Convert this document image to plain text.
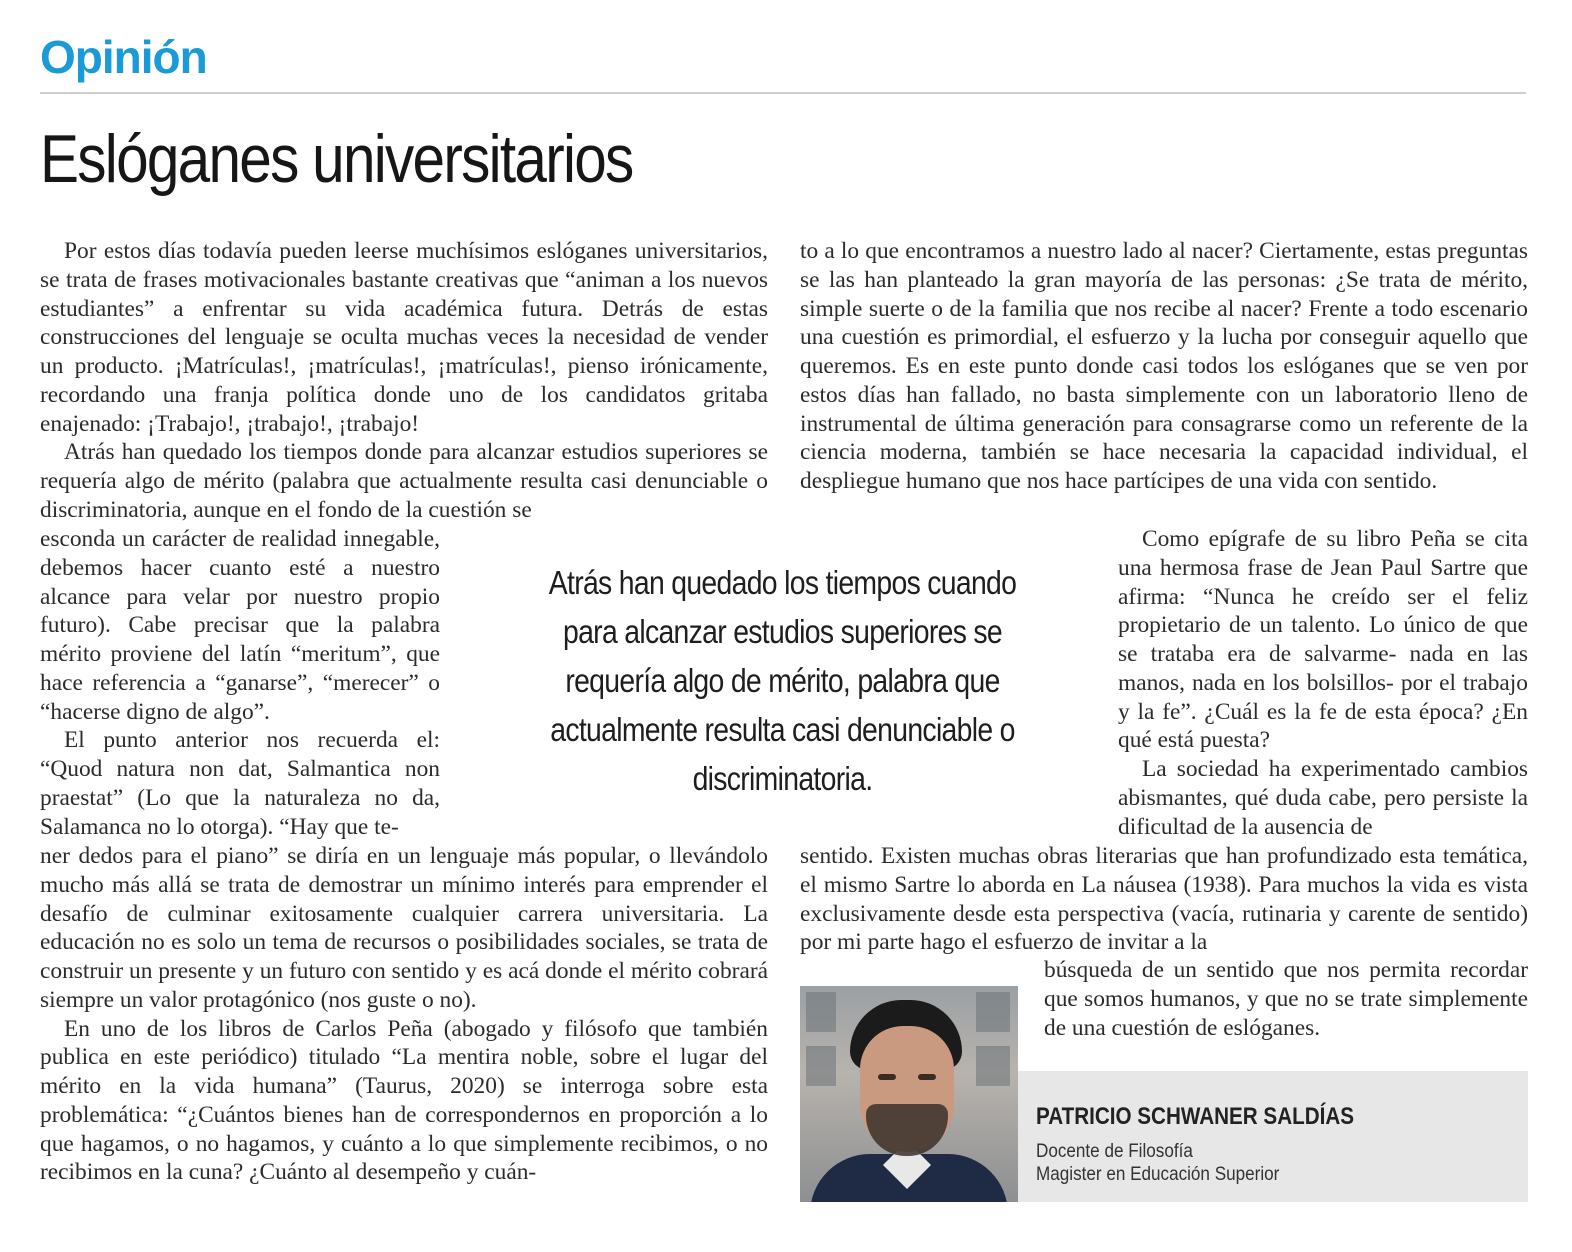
Opinión
Eslóganes universitarios
Por estos días todavía pueden leerse muchísimos eslóganes universitarios, se trata de frases motivacionales bastante creativas que “animan a los nuevos estudiantes” a enfrentar su vida académica futura. Detrás de estas construcciones del lenguaje se oculta muchas veces la necesidad de vender un producto. ¡Matrículas!, ¡matrículas!, ¡matrículas!, pienso irónicamente, recordando una franja política donde uno de los candidatos gritaba enajenado: ¡Trabajo!, ¡trabajo!, ¡trabajo!
Atrás han quedado los tiempos donde para alcanzar estudios superiores se requería algo de mérito (palabra que actualmente resulta casi denunciable o discriminatoria, aunque en el fondo de la cuestión se
esconda un carácter de realidad innegable, debemos hacer cuanto esté a nuestro alcance para velar por nuestro propio futuro). Cabe precisar que la palabra mérito proviene del latín “meritum”, que hace referencia a “ganarse”, “merecer” o “hacerse digno de algo”.
El punto anterior nos recuerda el: “Quod natura non dat, Salmantica non praestat” (Lo que la naturaleza no da, Salamanca no lo otorga). “Hay que te-
ner dedos para el piano” se diría en un lenguaje más popular, o llevándolo mucho más allá se trata de demostrar un mínimo interés para emprender el desafío de culminar exitosamente cualquier carrera universitaria. La educación no es solo un tema de recursos o posibilidades sociales, se trata de construir un presente y un futuro con sentido y es acá donde el mérito cobrará siempre un valor protagónico (nos guste o no).
En uno de los libros de Carlos Peña (abogado y filósofo que también publica en este periódico) titulado “La mentira noble, sobre el lugar del mérito en la vida humana” (Taurus, 2020) se interroga sobre esta problemática: “¿Cuántos bienes han de correspondernos en proporción a lo que hagamos, o no hagamos, y cuánto a lo que simplemente recibimos, o no recibimos en la cuna? ¿Cuánto al desempeño y cuán-
Atrás han quedado los tiempos cuando para alcanzar estudios superiores se requería algo de mérito, palabra que actualmente resulta casi denunciable o discriminatoria.
to a lo que encontramos a nuestro lado al nacer? Ciertamente, estas preguntas se las han planteado la gran mayoría de las personas: ¿Se trata de mérito, simple suerte o de la familia que nos recibe al nacer? Frente a todo escenario una cuestión es primordial, el esfuerzo y la lucha por conseguir aquello que queremos. Es en este punto donde casi todos los eslóganes que se ven por estos días han fallado, no basta simplemente con un laboratorio lleno de instrumental de última generación para consagrarse como un referente de la ciencia moderna, también se hace necesaria la capacidad individual, el despliegue humano que nos hace partícipes de una vida con sentido.
Como epígrafe de su libro Peña se cita una hermosa frase de Jean Paul Sartre que afirma: “Nunca he creído ser el feliz propietario de un talento. Lo único de que se trataba era de salvarme- nada en las manos, nada en los bolsillos- por el trabajo y la fe”. ¿Cuál es la fe de esta época? ¿En qué está puesta?
La sociedad ha experimentado cambios abismantes, qué duda cabe, pero persiste la dificultad de la ausencia de
sentido. Existen muchas obras literarias que han profundizado esta temática, el mismo Sartre lo aborda en La náusea (1938). Para muchos la vida es vista exclusivamente desde esta perspectiva (vacía, rutinaria y carente de sentido) por mi parte hago el esfuerzo de invitar a la
búsqueda de un sentido que nos permita recordar que somos humanos, y que no se trate simplemente de una cuestión de eslóganes.

PATRICIO SCHWANER SALDÍAS

Docente de Filosofía

Magister en Educación Superior
